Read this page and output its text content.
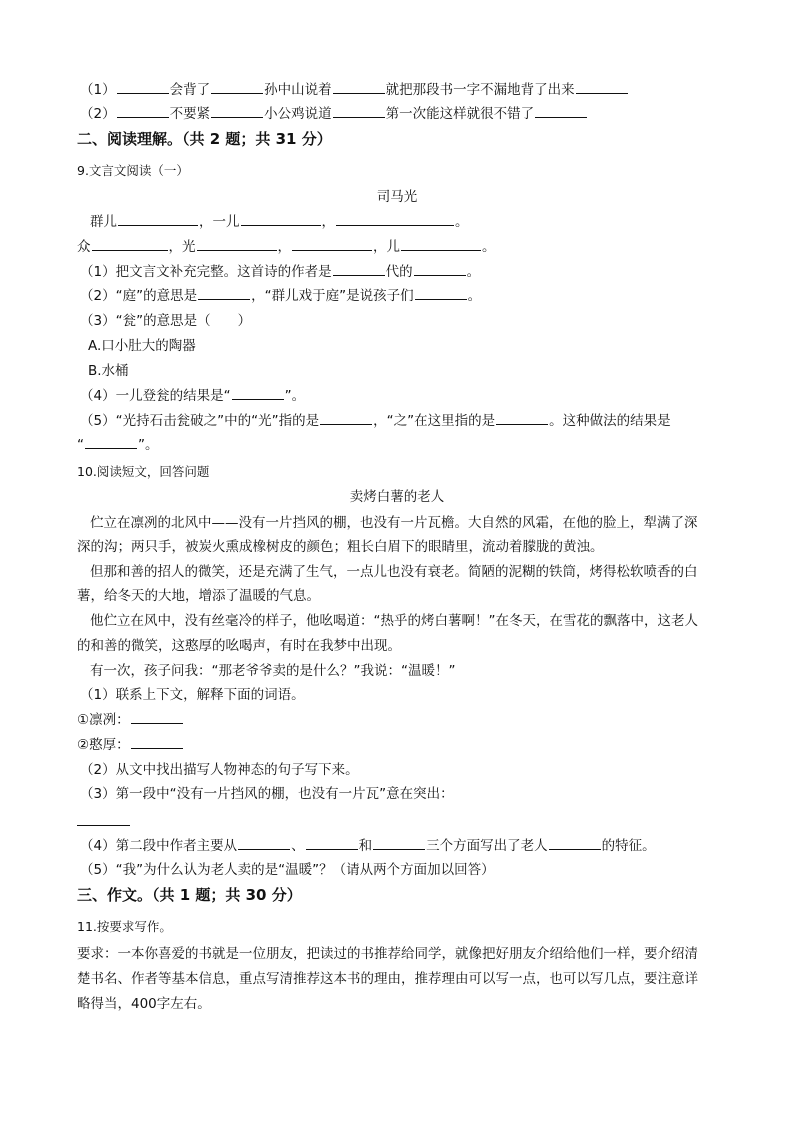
（1）	会背了	孙中山说着	就把那段书一字不漏地背了出来
（2）	不要紧	小公鸡说道	第一次能这样就很不错了
二、阅读理解。（共 2 题；共 31 分）
9.文言文阅读（一）
司马光
群儿	，一儿	，	。
众	，光	，	，儿	。
（1）把文言文补充完整。这首诗的作者是	代的	。
（2）“庭”的意思是	，“群儿戏于庭”是说孩子们	。
（3）“瓮”的意思是（　　）
A.口小肚大的陶器
B.水桶
（4）一儿登瓮的结果是“	”。
（5）“光持石击瓮破之”中的“光”指的是	，“之”在这里指的是	。这种做法的结果是
“	”。
10.阅读短文，回答问题
卖烤白薯的老人
伫立在凛冽的北风中——没有一片挡风的棚，也没有一片瓦檐。大自然的风霜，在他的脸上，犁满了深
深的沟；两只手，被炭火熏成橡树皮的颜色；粗长白眉下的眼睛里，流动着朦胧的黄浊。
但那和善的招人的微笑，还是充满了生气，一点儿也没有衰老。简陋的泥糊的铁筒，烤得松软喷香的白
薯，给冬天的大地，增添了温暖的气息。
他伫立在风中，没有丝毫冷的样子，他吆喝道：“热乎的烤白薯啊！”在冬天，在雪花的飘落中，这老人
的和善的微笑，这憨厚的吆喝声，有时在我梦中出现。
有一次，孩子问我：“那老爷爷卖的是什么？”我说：“温暖！”
（1）联系上下文，解释下面的词语。
①凛冽：
②憨厚：
（2）从文中找出描写人物神态的句子写下来。
（3）第一段中“没有一片挡风的棚，也没有一片瓦”意在突出：
（4）第二段中作者主要从	、	和	三个方面写出了老人	的特征。
（5）“我”为什么认为老人卖的是“温暖”？（请从两个方面加以回答）
三、作文。（共 1 题；共 30 分）
11.按要求写作。
要求：一本你喜爱的书就是一位朋友，把读过的书推荐给同学，就像把好朋友介绍给他们一样，要介绍清
楚书名、作者等基本信息，重点写清推荐这本书的理由，推荐理由可以写一点，也可以写几点，要注意详
略得当，400字左右。
